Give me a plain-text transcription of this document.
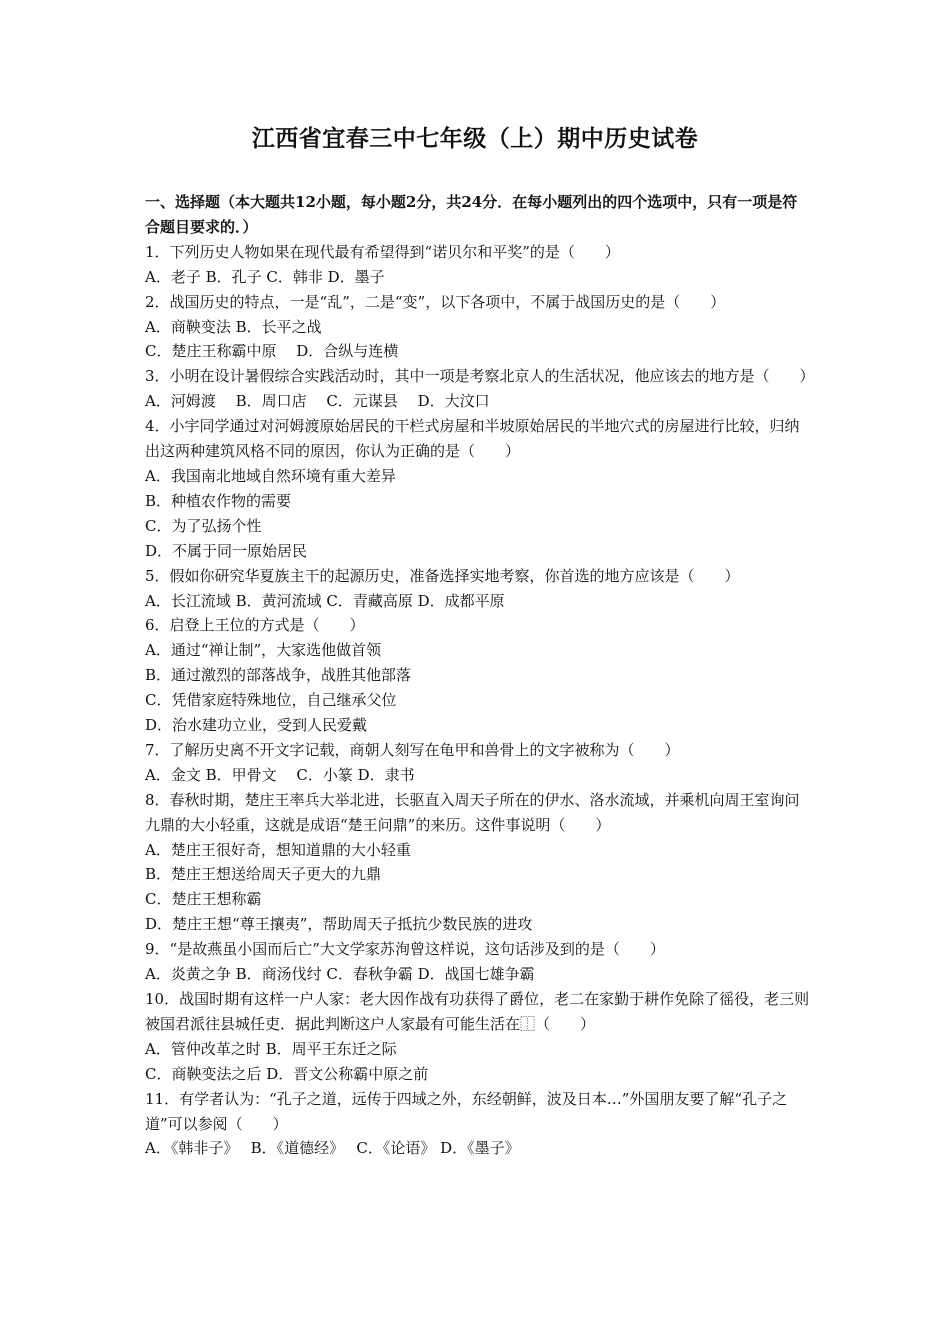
江西省宜春三中七年级（上）期中历史试卷
一、选择题（本大题共12小题，每小题2分，共24分．在每小题列出的四个选项中，只有一项是符合题目要求的．）
1．下列历史人物如果在现代最有希望得到“诺贝尔和平奖”的是（　　）
A．老子 B．孔子 C．韩非 D．墨子
2．战国历史的特点，一是“乱”，二是“变”，以下各项中，不属于战国历史的是（　　）
A．商鞅变法 B．长平之战
C．楚庄王称霸中原　 D．合纵与连横
3．小明在设计暑假综合实践活动时，其中一项是考察北京人的生活状况，他应该去的地方是（　　）
A．河姆渡　 B．周口店　 C．元谋县　 D．大汶口
4．小宇同学通过对河姆渡原始居民的干栏式房屋和半坡原始居民的半地穴式的房屋进行比较，归纳出这两种建筑风格不同的原因，你认为正确的是（　　）
A．我国南北地域自然环境有重大差异
B．种植农作物的需要
C．为了弘扬个性
D．不属于同一原始居民
5．假如你研究华夏族主干的起源历史，准备选择实地考察，你首选的地方应该是（　　）
A．长江流域 B．黄河流域 C．青藏高原 D．成都平原
6．启登上王位的方式是（　　）
A．通过“禅让制”，大家选他做首领
B．通过激烈的部落战争，战胜其他部落
C．凭借家庭特殊地位，自己继承父位
D．治水建功立业，受到人民爱戴
7．了解历史离不开文字记载，商朝人刻写在龟甲和兽骨上的文字被称为（　　）
A．金文 B．甲骨文　 C．小篆 D．隶书
8．春秋时期，楚庄王率兵大举北进，长驱直入周天子所在的伊水、洛水流域，并乘机向周王室询问九鼎的大小轻重，这就是成语“楚王问鼎”的来历。这件事说明（　　）
A．楚庄王很好奇，想知道鼎的大小轻重
B．楚庄王想送给周天子更大的九鼎
C．楚庄王想称霸
D．楚庄王想“尊王攘夷”，帮助周天子抵抗少数民族的进攻
9．“是故燕虽小国而后亡”大文学家苏洵曾这样说，这句话涉及到的是（　　）
A．炎黄之争 B．商汤伐纣 C．春秋争霸 D．战国七雄争霸
10．战国时期有这样一户人家：老大因作战有功获得了爵位，老二在家勤于耕作免除了徭役，老三则被国君派往县城任吏．据此判断这户人家最有可能生活在⿰（　　）
A．管仲改革之时 B．周平王东迁之际
C．商鞅变法之后 D．晋文公称霸中原之前
11．有学者认为：“孔子之道，远传于四域之外，东经朝鲜，波及日本…”外国朋友要了解“孔子之道”可以参阅（　　）
A．《韩非子》　 B．《道德经》　 C．《论语》 D．《墨子》
